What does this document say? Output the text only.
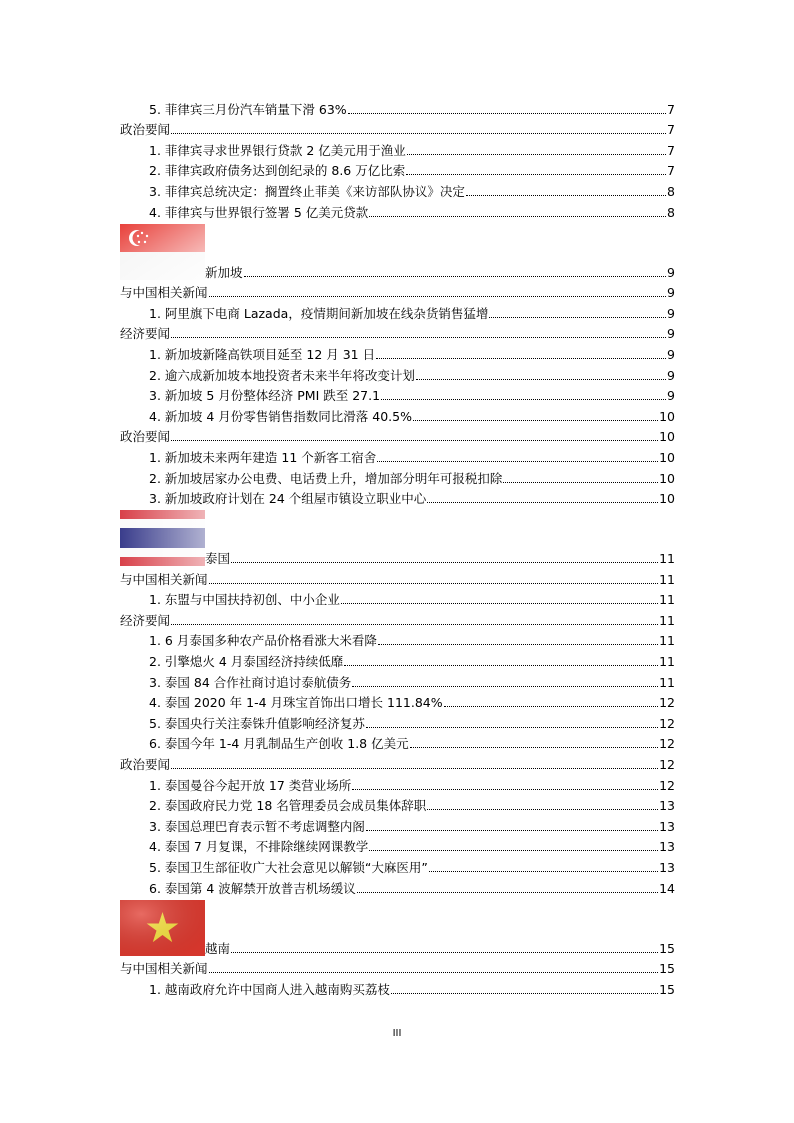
5. 菲律宾三月份汽车销量下滑 63%	7
政治要闻	7
1. 菲律宾寻求世界银行贷款 2 亿美元用于渔业	7
2. 菲律宾政府债务达到创纪录的 8.6 万亿比索	7
3. 菲律宾总统决定：搁置终止菲美《来访部队协议》决定	8
4. 菲律宾与世界银行签署 5 亿美元贷款	8
新加坡	9
与中国相关新闻	9
1. 阿里旗下电商 Lazada，疫情期间新加坡在线杂货销售猛增	9
经济要闻	9
1. 新加坡新隆高铁项目延至 12 月 31 日	9
2. 逾六成新加坡本地投资者未来半年将改变计划	9
3. 新加坡 5 月份整体经济 PMI 跌至 27.1	9
4. 新加坡 4 月份零售销售指数同比滑落 40.5%	10
政治要闻	10
1. 新加坡未来两年建造 11 个新客工宿舍	10
2. 新加坡居家办公电费、电话费上升，增加部分明年可报税扣除	10
3. 新加坡政府计划在 24 个组屋市镇设立职业中心	10
泰国	11
与中国相关新闻	11
1. 东盟与中国扶持初创、中小企业	11
经济要闻	11
1. 6 月泰国多种农产品价格看涨大米看降	11
2. 引擎熄火 4 月泰国经济持续低靡	11
3. 泰国 84 合作社商讨追讨泰航债务	11
4. 泰国 2020 年 1-4 月珠宝首饰出口增长 111.84%	12
5. 泰国央行关注泰铢升值影响经济复苏	12
6. 泰国今年 1-4 月乳制品生产创收 1.8 亿美元	12
政治要闻	12
1. 泰国曼谷今起开放 17 类营业场所	12
2. 泰国政府民力党 18 名管理委员会成员集体辞职	13
3. 泰国总理巴育表示暂不考虑调整内阁	13
4. 泰国 7 月复课，不排除继续网课教学	13
5. 泰国卫生部征收广大社会意见以解锁“大麻医用”	13
6. 泰国第 4 波解禁开放普吉机场缓议	14
越南	15
与中国相关新闻	15
1. 越南政府允许中国商人进入越南购买荔枝	15
III
